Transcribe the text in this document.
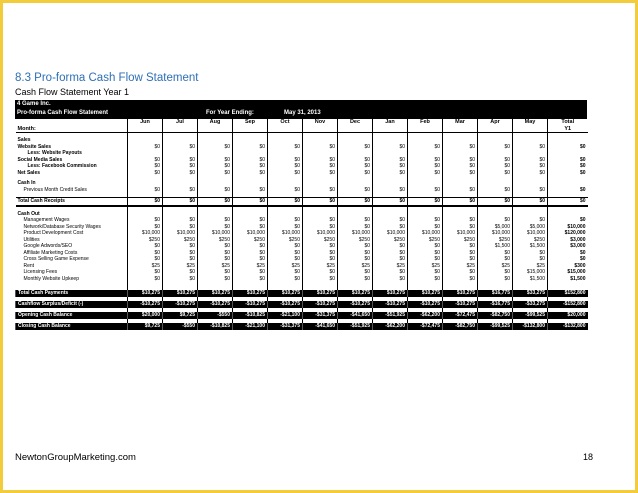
8.3 Pro-forma Cash Flow Statement
Cash Flow Statement Year 1
4 Game Inc.
Pro-forma Cash Flow Statement	For Year Ending:	May 31, 2013
	Jun	Jul	Aug	Sep	Oct	Nov	Dec	Jan	Feb	Mar	Apr	May	Total
Month:													Y1

Sales													
Website Sales	$0	$0	$0	$0	$0	$0	$0	$0	$0	$0	$0	$0	$0
Less: Website Payouts													
Social Media Sales	$0	$0	$0	$0	$0	$0	$0	$0	$0	$0	$0	$0	$0
Less: Facebook Commission	$0	$0	$0	$0	$0	$0	$0	$0	$0	$0	$0	$0	$0
Net Sales	$0	$0	$0	$0	$0	$0	$0	$0	$0	$0	$0	$0	$0

Cash In													
Previous Month Credit Sales	$0	$0	$0	$0	$0	$0	$0	$0	$0	$0	$0	$0	$0

Total Cash Receipts	$0	$0	$0	$0	$0	$0	$0	$0	$0	$0	$0	$0	$0

Cash Out													
Management Wages	$0	$0	$0	$0	$0	$0	$0	$0	$0	$0	$0	$0	$0
Network/Database Security Wages	$0	$0	$0	$0	$0	$0	$0	$0	$0	$0	$5,000	$5,000	$10,000
Product Development Cost	$10,000	$10,000	$10,000	$10,000	$10,000	$10,000	$10,000	$10,000	$10,000	$10,000	$10,000	$10,000	$120,000
Utilities	$250	$250	$250	$250	$250	$250	$250	$250	$250	$250	$250	$250	$3,000
Google Adwords/SEO	$0	$0	$0	$0	$0	$0	$0	$0	$0	$0	$1,500	$1,500	$3,000
Affiliate Marketing Costs	$0	$0	$0	$0	$0	$0	$0	$0	$0	$0	$0	$0	$0
Cross Selling Game Expense	$0	$0	$0	$0	$0	$0	$0	$0	$0	$0	$0	$0	$0
Rent	$25	$25	$25	$25	$25	$25	$25	$25	$25	$25	$25	$25	$300
Licensing Fees	$0	$0	$0	$0	$0	$0	$0	$0	$0	$0	$0	$15,000	$15,000
Monthly Website Upkeep	$0	$0	$0	$0	$0	$0	$0	$0	$0	$0	$0	$1,500	$1,500

Total Cash Payments	$10,275	$10,275	$10,275	$10,275	$10,275	$10,275	$10,275	$10,275	$10,275	$10,275	$16,775	$33,275	$152,800

Cashflow Surplus/Deficit (-)	-$10,275	-$10,275	-$10,275	-$10,275	-$10,275	-$10,275	-$10,275	-$10,275	-$10,275	-$10,275	-$16,775	-$33,275	-$152,800

Opening Cash Balance	$20,000	$9,725	-$550	-$10,825	-$21,100	-$31,375	-$41,650	-$51,925	-$62,200	-$72,475	-$82,750	-$99,525	$20,000

Closing Cash Balance	$9,725	-$550	-$10,825	-$21,100	-$31,375	-$41,650	-$51,925	-$62,200	-$72,475	-$82,750	-$99,525	-$132,800	-$132,800
NewtonGroupMarketing.com	18
